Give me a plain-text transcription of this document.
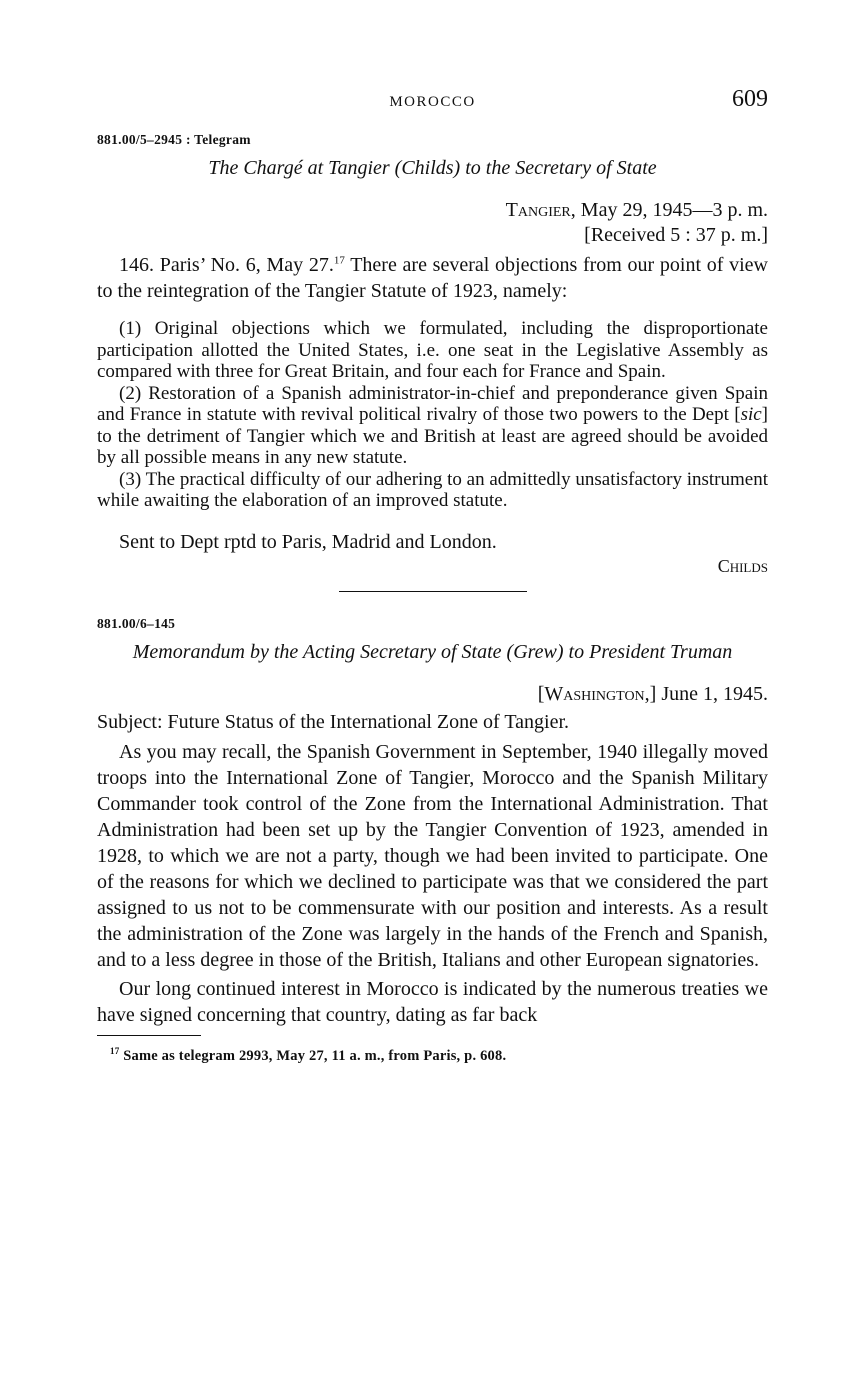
MOROCCO	609
881.00/5–2945 : Telegram
The Chargé at Tangier (Childs) to the Secretary of State
Tangier, May 29, 1945—3 p. m.
[Received 5 : 37 p. m.]

146. Paris’ No. 6, May 27.17 There are several objections from our point of view to the reintegration of the Tangier Statute of 1923, namely:

(1) Original objections which we formulated, including the disproportionate participation allotted the United States, i.e. one seat in the Legislative Assembly as compared with three for Great Britain, and four each for France and Spain.

(2) Restoration of a Spanish administrator-in-chief and preponderance given Spain and France in statute with revival political rivalry of those two powers to the Dept [sic] to the detriment of Tangier which we and British at least are agreed should be avoided by all possible means in any new statute.

(3) The practical difficulty of our adhering to an admittedly unsatisfactory instrument while awaiting the elaboration of an improved statute.

Sent to Dept rptd to Paris, Madrid and London.

Childs
881.00/6–145
Memorandum by the Acting Secretary of State (Grew) to President Truman
[Washington,] June 1, 1945.

Subject: Future Status of the International Zone of Tangier.

As you may recall, the Spanish Government in September, 1940 illegally moved troops into the International Zone of Tangier, Morocco and the Spanish Military Commander took control of the Zone from the International Administration. That Administration had been set up by the Tangier Convention of 1923, amended in 1928, to which we are not a party, though we had been invited to participate. One of the reasons for which we declined to participate was that we considered the part assigned to us not to be commensurate with our position and interests. As a result the administration of the Zone was largely in the hands of the French and Spanish, and to a less degree in those of the British, Italians and other European signatories.

Our long continued interest in Morocco is indicated by the numerous treaties we have signed concerning that country, dating as far back

$^{17}$ Same as telegram 2993, May 27, 11 a. m., from Paris, p. 608.
